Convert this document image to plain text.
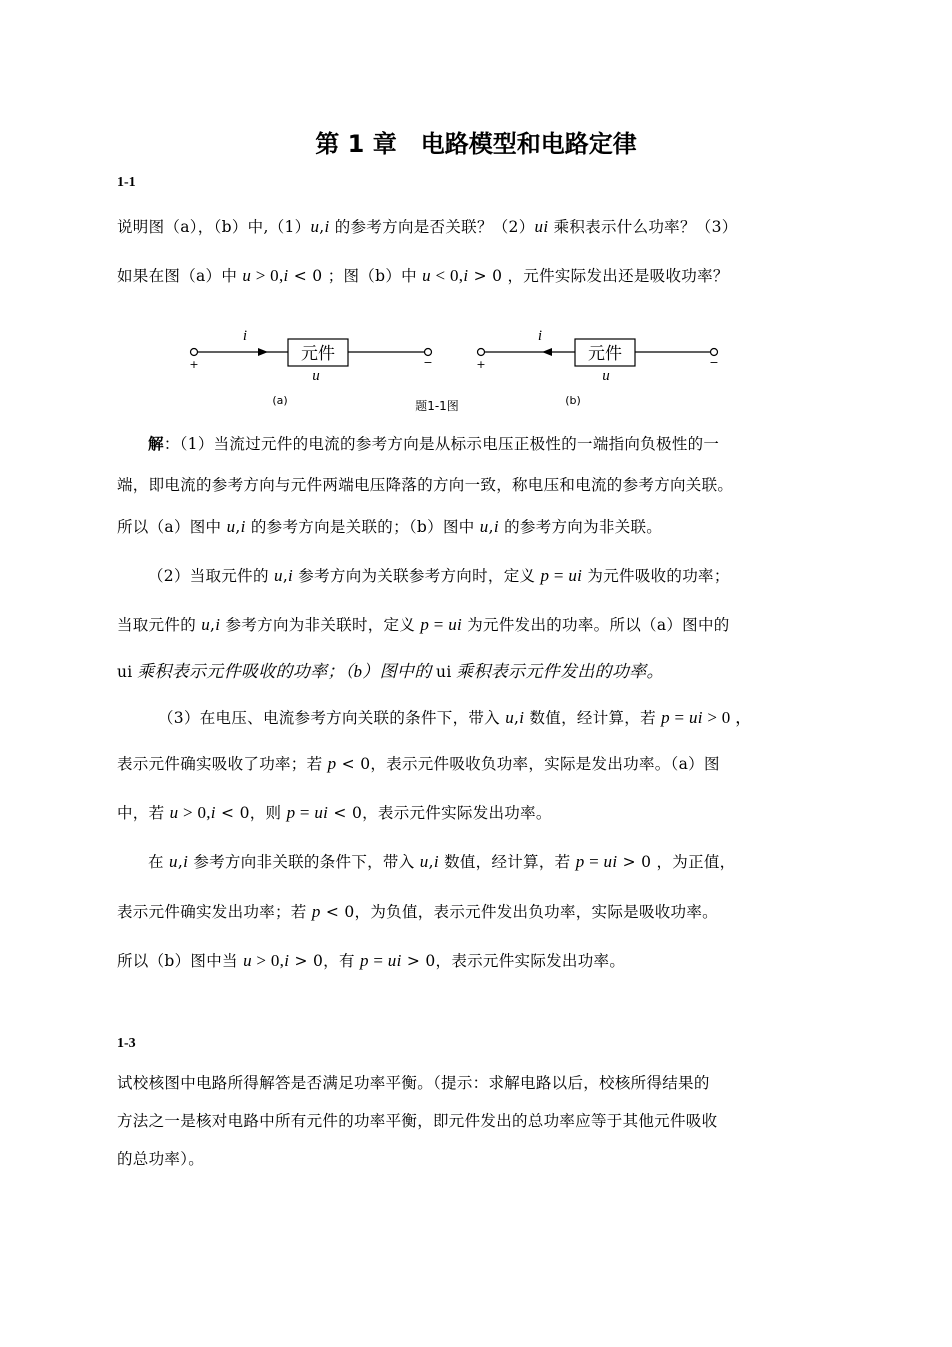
第 1 章　电路模型和电路定律
1-1
说明图（a），（b）中,（1）u,i 的参考方向是否关联？（2）ui 乘积表示什么功率？（3）
如果在图（a）中 u > 0,i < 0 ；图（b）中 u < 0,i > 0 ，元件实际发出还是吸收功率？
元件
i
u
+	−
(a)
元件
i
u
+	−
(b)
题1-1图
解：（1）当流过元件的电流的参考方向是从标示电压正极性的一端指向负极性的一
端，即电流的参考方向与元件两端电压降落的方向一致，称电压和电流的参考方向关联。
所以（a）图中 u,i 的参考方向是关联的；（b）图中 u,i 的参考方向为非关联。
（2）当取元件的 u,i 参考方向为关联参考方向时，定义 p = ui 为元件吸收的功率；
当取元件的 u,i 参考方向为非关联时，定义 p = ui 为元件发出的功率。所以（a）图中的
ui 乘积表示元件吸收的功率；（b）图中的 ui 乘积表示元件发出的功率。
（3）在电压、电流参考方向关联的条件下，带入 u,i 数值，经计算，若 p = ui > 0 ，
表示元件确实吸收了功率；若 p < 0，表示元件吸收负功率，实际是发出功率。（a）图
中，若 u > 0,i < 0，则 p = ui < 0，表示元件实际发出功率。
在 u,i 参考方向非关联的条件下，带入 u,i 数值，经计算，若 p = ui > 0 ，为正值，
表示元件确实发出功率；若 p < 0，为负值，表示元件发出负功率，实际是吸收功率。
所以（b）图中当 u > 0,i > 0，有 p = ui > 0，表示元件实际发出功率。
1-3
试校核图中电路所得解答是否满足功率平衡。（提示：求解电路以后，校核所得结果的
方法之一是核对电路中所有元件的功率平衡，即元件发出的总功率应等于其他元件吸收
的总功率）。
